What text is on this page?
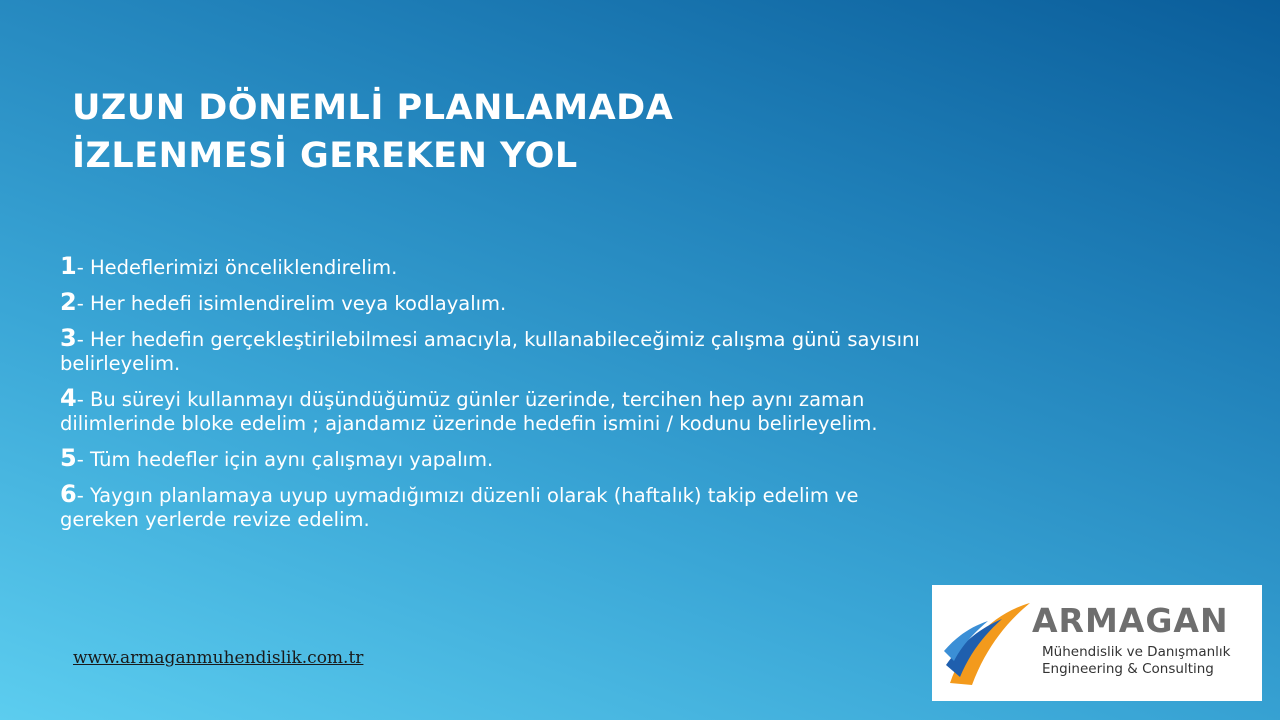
UZUN DÖNEMLİ PLANLAMADA
İZLENMESİ GEREKEN YOL
1- Hedeflerimizi önceliklendirelim.
2- Her hedefi isimlendirelim veya kodlayalım.
3- Her hedefin gerçekleştirilebilmesi amacıyla, kullanabileceğimiz çalışma günü sayısını belirleyelim.
4- Bu süreyi kullanmayı düşündüğümüz günler üzerinde, tercihen hep aynı zaman dilimlerinde bloke edelim ; ajandamız üzerinde hedefin ismini / kodunu belirleyelim.
5- Tüm hedefler için aynı çalışmayı yapalım.
6- Yaygın planlamaya uyup uymadığımızı düzenli olarak (haftalık) takip edelim ve gereken yerlerde revize edelim.
www.armaganmuhendislik.com.tr
ARMAGAN
Mühendislik ve Danışmanlık
Engineering & Consulting
